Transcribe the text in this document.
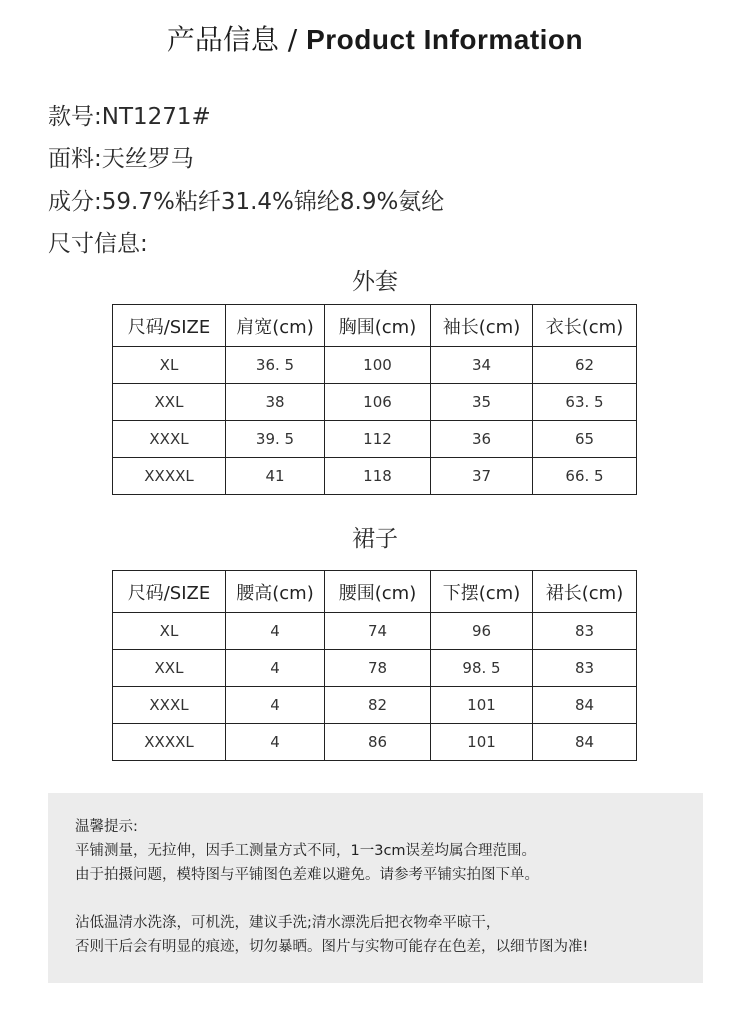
产品信息 / Product Information
款号:NT1271#
面料:天丝罗马
成分:59.7%粘纤31.4%锦纶8.9%氨纶
尺寸信息:
外套
尺码/SIZE	肩宽(cm)	胸围(cm)	袖长(cm)	衣长(cm)
XL	36. 5	100	34	62
XXL	38	106	35	63. 5
XXXL	39. 5	112	36	65
XXXXL	41	118	37	66. 5
裙子
尺码/SIZE	腰高(cm)	腰围(cm)	下摆(cm)	裙长(cm)
XL	4	74	96	83
XXL	4	78	98. 5	83
XXXL	4	82	101	84
XXXXL	4	86	101	84

温馨提示:

平铺测量，无拉伸，因手工测量方式不同，1一3cm误差均属合理范围。

由于拍摄问题，模特图与平铺图色差难以避免。请参考平铺实拍图下单。

沾低温清水洗涤，可机洗，建议手洗;清水漂洗后把衣物牵平晾干，

否则干后会有明显的痕迹，切勿暴晒。图片与实物可能存在色差，以细节图为准!
